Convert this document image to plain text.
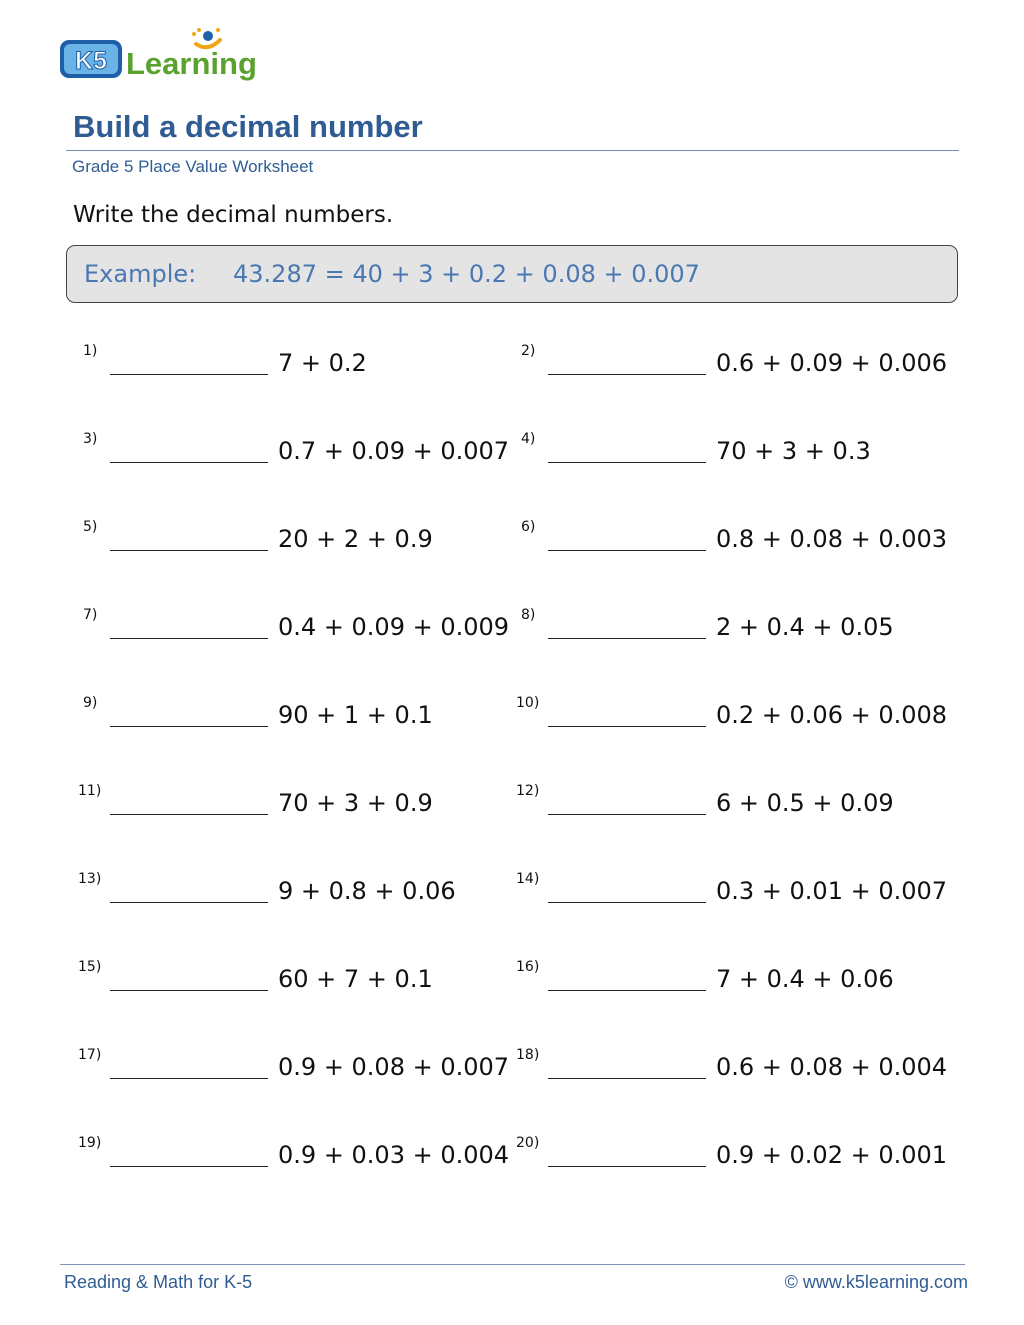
K5 Learning
Build a decimal number
Grade 5 Place Value Worksheet
Write the decimal numbers.
Example: 43.287 = 40 + 3 + 0.2 + 0.08 + 0.007
1)	7 + 0.2	2)	0.6 + 0.09 + 0.006
3)	0.7 + 0.09 + 0.007 4)	70 + 3 + 0.3
5)	20 + 2 + 0.9	6)	0.8 + 0.08 + 0.003
7)	0.4 + 0.09 + 0.009 8)	2 + 0.4 + 0.05
9)	90 + 1 + 0.1	10)	0.2 + 0.06 + 0.008
11)	70 + 3 + 0.9	12)	6 + 0.5 + 0.09
13)	9 + 0.8 + 0.06	14)	0.3 + 0.01 + 0.007
15)	60 + 7 + 0.1	16)	7 + 0.4 + 0.06
17)	0.9 + 0.08 + 0.007 18)	0.6 + 0.08 + 0.004
19)	0.9 + 0.03 + 0.004 20)	0.9 + 0.02 + 0.001
Reading & Math for K-5	© www.k5learning.com
